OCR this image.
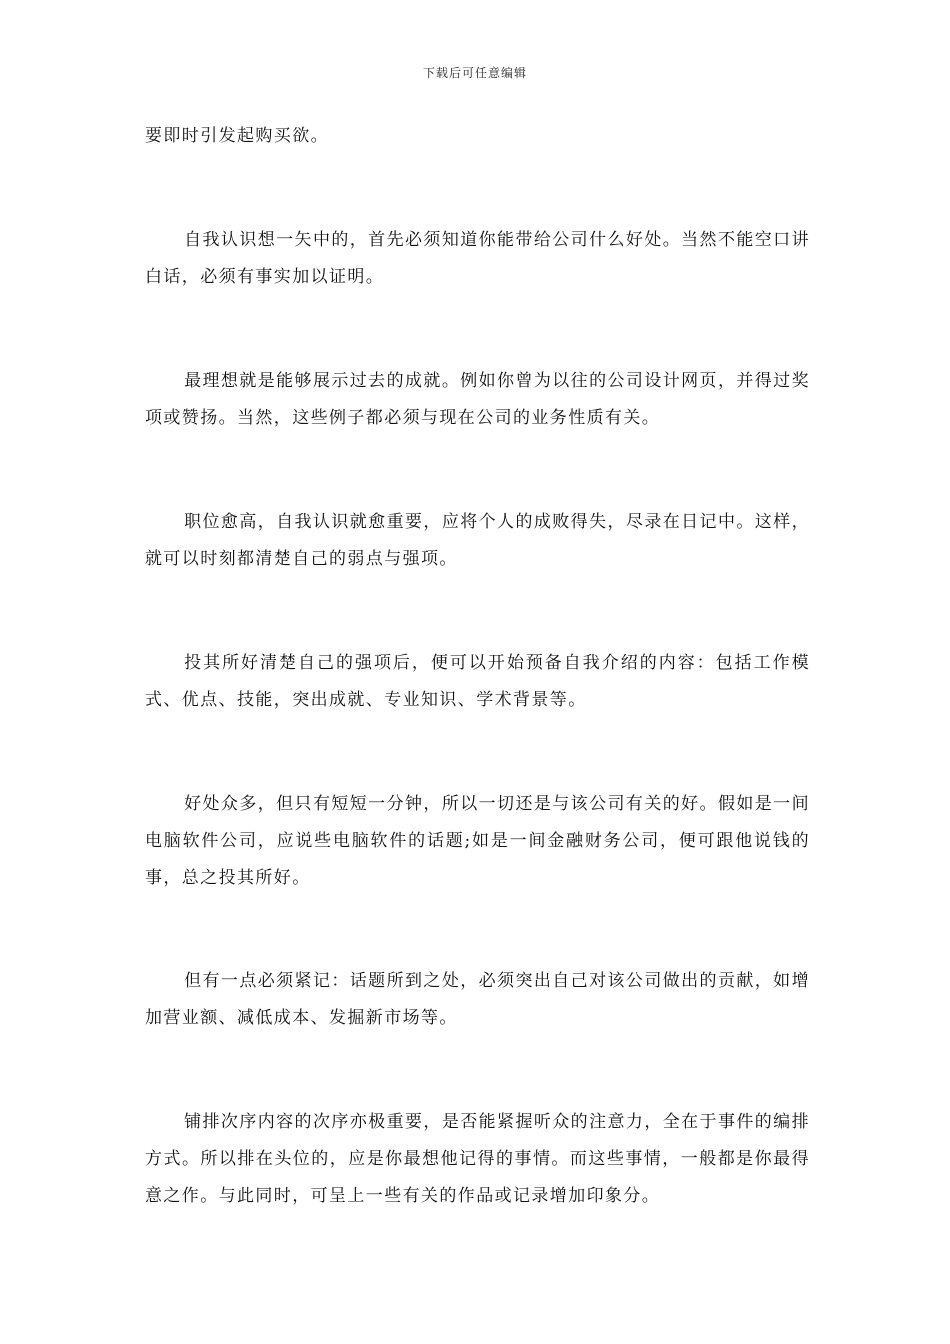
下载后可任意编辑

要即时引发起购买欲。

自我认识想一矢中的，首先必须知道你能带给公司什么好处。当然不能空口讲白话，必须有事实加以证明。

最理想就是能够展示过去的成就。例如你曾为以往的公司设计网页，并得过奖项或赞扬。当然，这些例子都必须与现在公司的业务性质有关。

职位愈高，自我认识就愈重要，应将个人的成败得失，尽录在日记中。这样，就可以时刻都清楚自己的弱点与强项。

投其所好清楚自己的强项后，便可以开始预备自我介绍的内容：包括工作模式、优点、技能，突出成就、专业知识、学术背景等。

好处众多，但只有短短一分钟，所以一切还是与该公司有关的好。假如是一间电脑软件公司，应说些电脑软件的话题;如是一间金融财务公司，便可跟他说钱的事，总之投其所好。

但有一点必须紧记：话题所到之处，必须突出自己对该公司做出的贡献，如增加营业额、减低成本、发掘新市场等。

铺排次序内容的次序亦极重要，是否能紧握听众的注意力，全在于事件的编排方式。所以排在头位的，应是你最想他记得的事情。而这些事情，一般都是你最得意之作。与此同时，可呈上一些有关的作品或记录增加印象分。
